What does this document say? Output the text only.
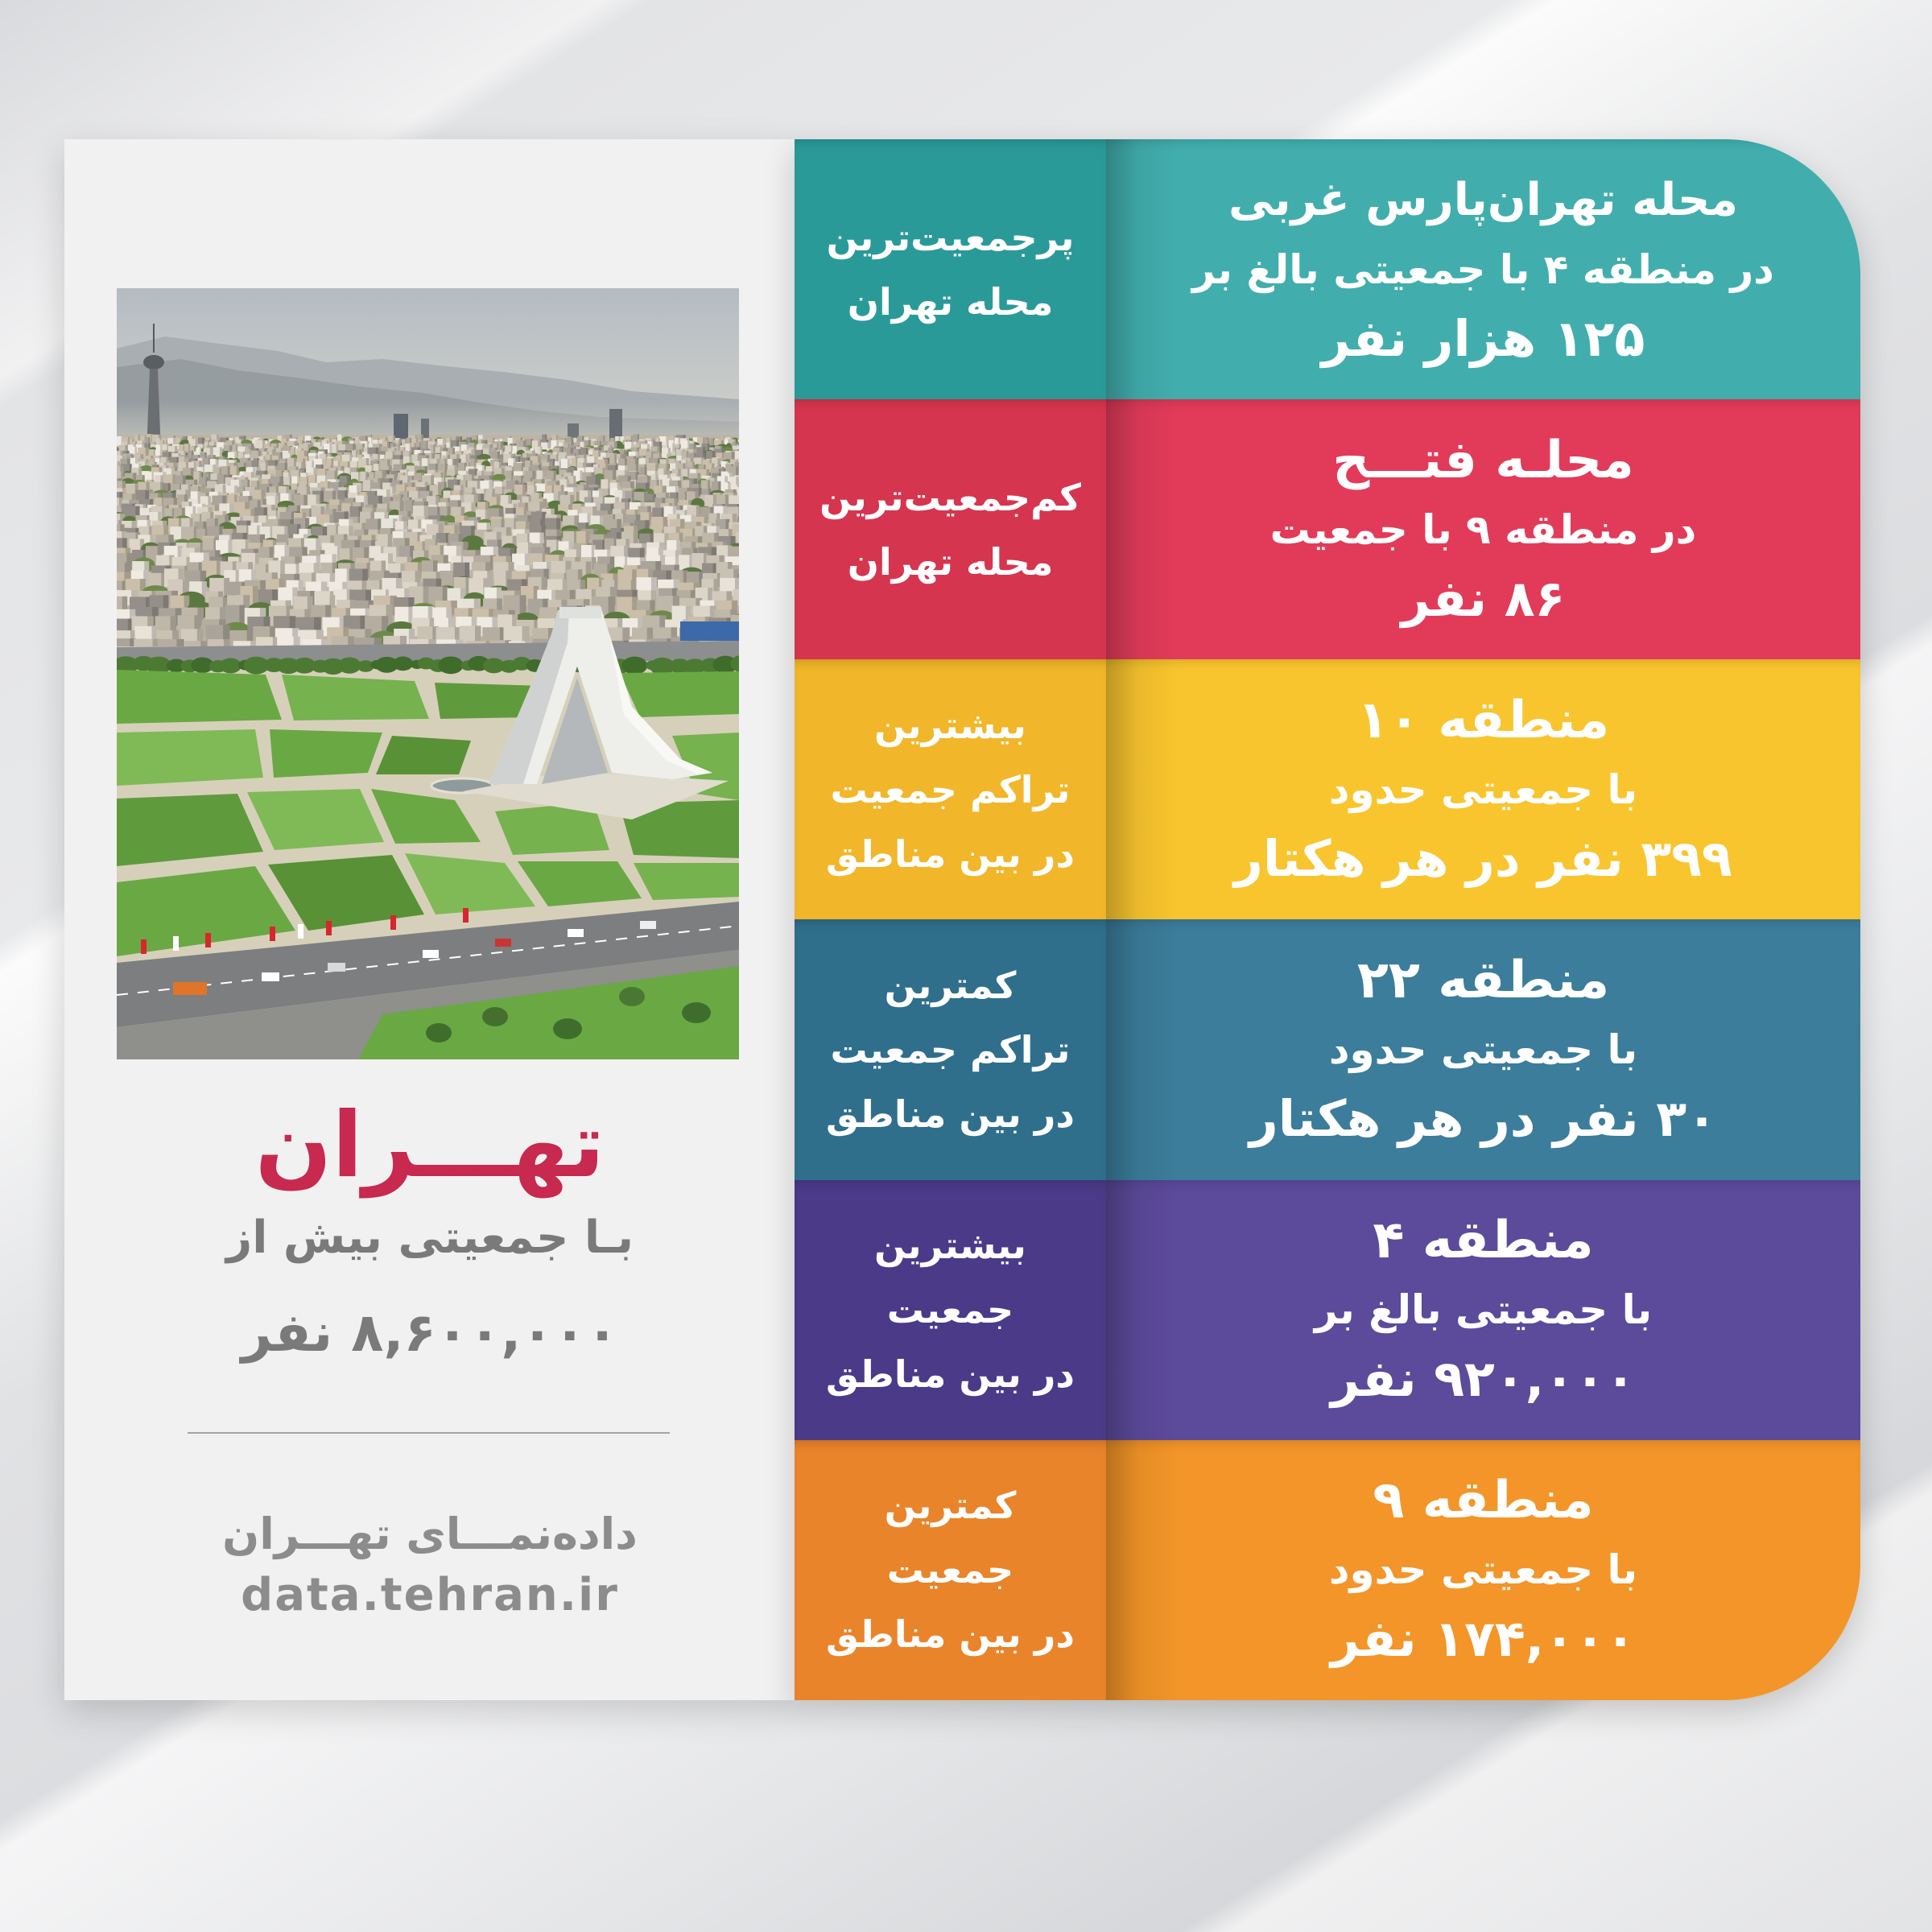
تهـــران
بـا جمعیتی بیش از
۸,۶۰۰,۰۰۰ نفر
داده‌نمـــای تهـــران
data.tehran.ir
پرجمعیت‌ترین
محله تهران
محله تهران‌پارس غربی
در منطقه ۴ با جمعیتی بالغ بر
۱۲۵ هزار نفر
کم‌جمعیت‌ترین
محله تهران
محلـه فتـــح
در منطقه ۹ با جمعیت
۸۶ نفر
بیشترین
تراکم جمعیت
در بین مناطق
منطقه ۱۰
با جمعیتی حدود
۳۹۹ نفر در هر هکتار
کمترین
تراکم جمعیت
در بین مناطق
منطقه ۲۲
با جمعیتی حدود
۳۰ نفر در هر هکتار
بیشترین
جمعیت
در بین مناطق
منطقه ۴
با جمعیتی بالغ بر
۹۲۰,۰۰۰ نفر
کمترین
جمعیت
در بین مناطق
منطقه ۹
با جمعیتی حدود
۱۷۴,۰۰۰ نفر
